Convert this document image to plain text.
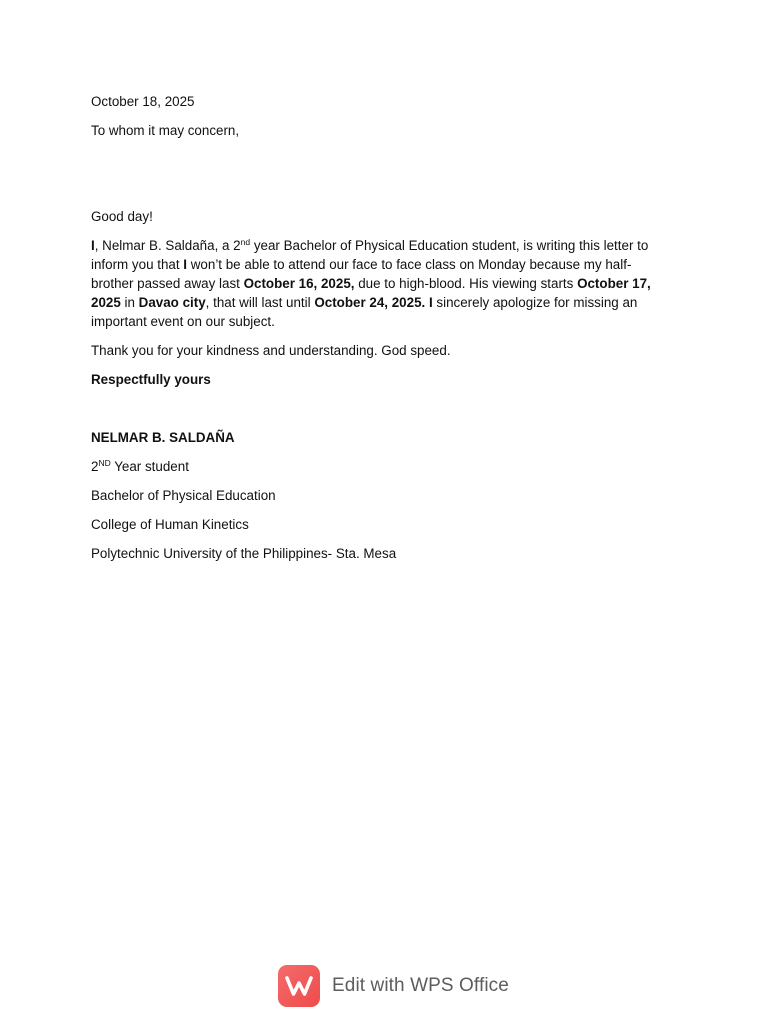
October 18, 2025

To whom it may concern,

Good day!

I, Nelmar B. Saldaña, a 2nd year Bachelor of Physical Education student, is writing this letter to inform you that I won’t be able to attend our face to face class on Monday because my half-brother passed away last October 16, 2025, due to high-blood. His viewing starts October 17, 2025 in Davao city, that will last until October 24, 2025. I sincerely apologize for missing an important event on our subject.

Thank you for your kindness and understanding. God speed.

Respectfully yours

NELMAR B. SALDAÑA

2ND Year student

Bachelor of Physical Education

College of Human Kinetics

Polytechnic University of the Philippines- Sta. Mesa

Edit with WPS Office
